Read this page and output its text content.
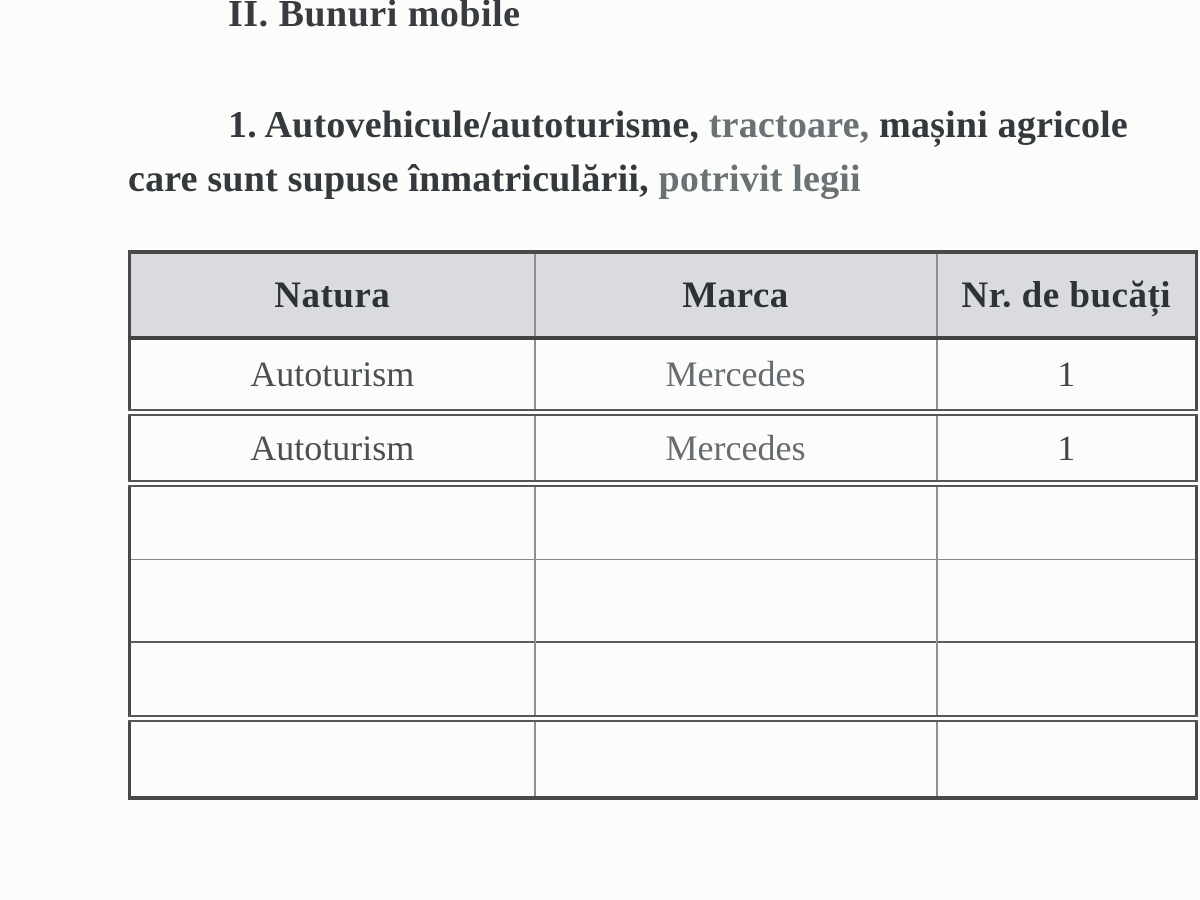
II. Bunuri mobile
1. Autovehicule/autoturisme, tractoare, mașini agricole
care sunt supuse înmatriculării, potrivit legii
Natura	Marca	Nr. de bucăți
Autoturism	Mercedes	1
Autoturism	Mercedes	1
